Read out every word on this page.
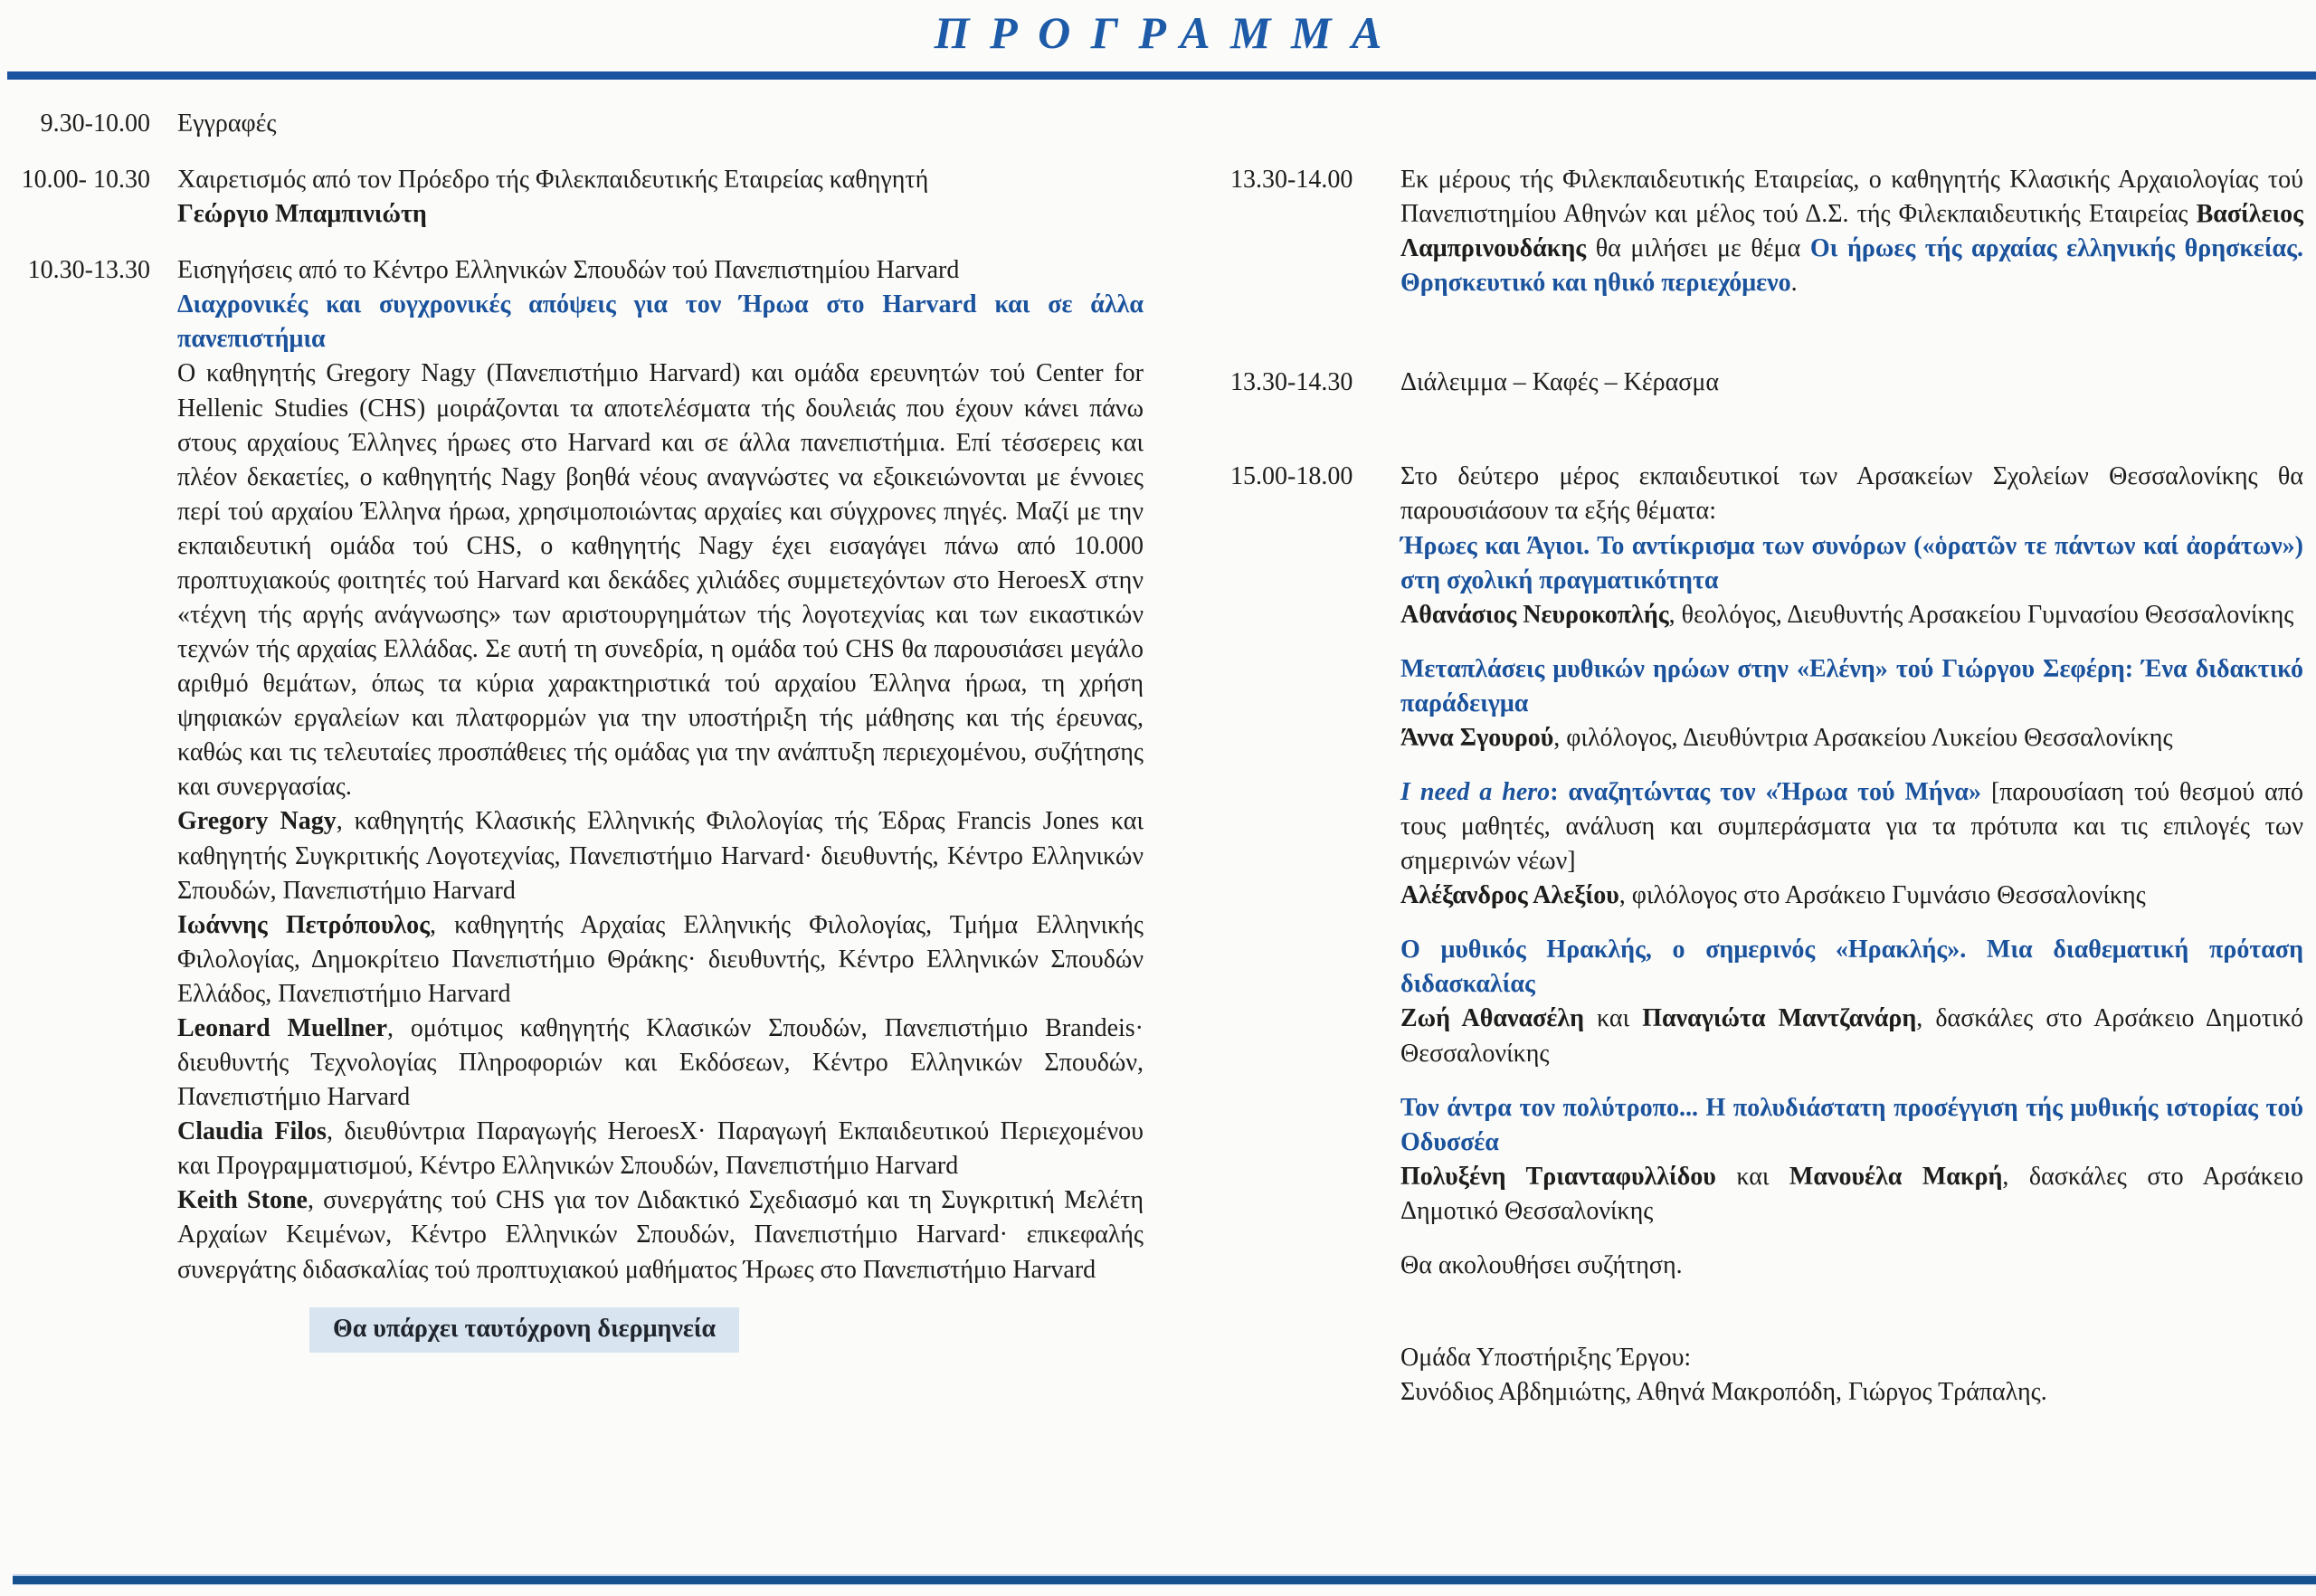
ΠΡΟΓΡΑΜΜΑ
9.30-10.00 Εγγραφές

10.00- 10.30 Χαιρετισμός από τον Πρόεδρο τής Φιλεκπαιδευτικής Εταιρείας καθηγητή
Γεώργιο Μπαμπινιώτη

10.30-13.30 Εισηγήσεις από το Κέντρο Ελληνικών Σπουδών τού Πανεπιστημίου Harvard

Διαχρονικές και συγχρονικές απόψεις για τον Ήρωα στο Harvard και σε άλλα πανεπιστήμια

Ο καθηγητής Gregory Nagy (Πανεπιστήμιο Harvard) και ομάδα ερευνητών τού Center for Hellenic Studies (CHS) μοιράζονται τα αποτελέσματα τής δουλειάς που έχουν κάνει πάνω στους αρχαίους Έλληνες ήρωες στο Harvard και σε άλλα πανεπιστήμια. Επί τέσσερεις και πλέον δεκαετίες, ο καθηγητής Nagy βοηθά νέους αναγνώστες να εξοικειώνονται με έννοιες περί τού αρχαίου Έλληνα ήρωα, χρησιμοποιώντας αρχαίες και σύγχρονες πηγές. Μαζί με την εκπαιδευτική ομάδα τού CHS, ο καθηγητής Nagy έχει εισαγάγει πάνω από 10.000 προπτυχιακούς φοιτητές τού Harvard και δεκάδες χιλιάδες συμμετεχόντων στο HeroesX στην «τέχνη τής αργής ανάγνωσης» των αριστουργημάτων τής λογοτεχνίας και των εικαστικών τεχνών τής αρχαίας Ελλάδας. Σε αυτή τη συνεδρία, η ομάδα τού CHS θα παρουσιάσει μεγάλο αριθμό θεμάτων, όπως τα κύρια χαρακτηριστικά τού αρχαίου Έλληνα ήρωα, τη χρήση ψηφιακών εργαλείων και πλατφορμών για την υποστήριξη τής μάθησης και τής έρευνας, καθώς και τις τελευταίες προσπάθειες τής ομάδας για την ανάπτυξη περιεχομένου, συζήτησης και συνεργασίας.

Gregory Nagy, καθηγητής Κλασικής Ελληνικής Φιλολογίας τής Έδρας Francis Jones και καθηγητής Συγκριτικής Λογοτεχνίας, Πανεπιστήμιο Harvard· διευθυντής, Κέντρο Ελληνικών Σπουδών, Πανεπιστήμιο Harvard

Ιωάννης Πετρόπουλος, καθηγητής Αρχαίας Ελληνικής Φιλολογίας, Τμήμα Ελληνικής Φιλολογίας, Δημοκρίτειο Πανεπιστήμιο Θράκης· διευθυντής, Κέντρο Ελληνικών Σπουδών Ελλάδος, Πανεπιστήμιο Harvard

Leonard Muellner, ομότιμος καθηγητής Κλασικών Σπουδών, Πανεπιστήμιο Brandeis· διευθυντής Τεχνολογίας Πληροφοριών και Εκδόσεων, Κέντρο Ελληνικών Σπουδών, Πανεπιστήμιο Harvard

Claudia Filos, διευθύντρια Παραγωγής HeroesX· Παραγωγή Εκπαιδευτικού Περιεχομένου και Προγραμματισμού, Κέντρο Ελληνικών Σπουδών, Πανεπιστήμιο Harvard

Keith Stone, συνεργάτης τού CHS για τον Διδακτικό Σχεδιασμό και τη Συγκριτική Μελέτη Αρχαίων Κειμένων, Κέντρο Ελληνικών Σπουδών, Πανεπιστήμιο Harvard· επικεφαλής συνεργάτης διδασκαλίας τού προπτυχιακού μαθήματος Ήρωες στο Πανεπιστήμιο Harvard

Θα υπάρχει ταυτόχρονη διερμηνεία
13.30-14.00	Εκ μέρους τής Φιλεκπαιδευτικής Εταιρείας, ο καθηγητής Κλασικής Αρχαιολογίας τού Πανεπιστημίου Αθηνών και μέλος τού Δ.Σ. τής Φιλεκπαιδευτικής Εταιρείας Βασίλειος Λαμπρινουδάκης θα μιλήσει με θέμα Οι ήρωες τής αρχαίας ελληνικής θρησκείας. Θρησκευτικό και ηθικό περιεχόμενο.

13.30-14.30	Διάλειμμα – Καφές – Κέρασμα

15.00-18.00	Στο δεύτερο μέρος εκπαιδευτικοί των Αρσακείων Σχολείων Θεσσαλονίκης θα παρουσιάσουν τα εξής θέματα:

Ήρωες και Άγιοι. Το αντίκρισμα των συνόρων («ὁρατῶν τε πάντων καί ἀοράτων») στη σχολική πραγματικότητα

Αθανάσιος Νευροκοπλής, θεολόγος, Διευθυντής Αρσακείου Γυμνασίου Θεσσαλονίκης

Μεταπλάσεις μυθικών ηρώων στην «Ελένη» τού Γιώργου Σεφέρη: Ένα διδακτικό παράδειγμα

Άννα Σγουρού, φιλόλογος, Διευθύντρια Αρσακείου Λυκείου Θεσσαλονίκης

I need a hero: αναζητώντας τον «Ήρωα τού Μήνα» [παρουσίαση τού θεσμού από τους μαθητές, ανάλυση και συμπεράσματα για τα πρότυπα και τις επιλογές των σημερινών νέων]

Αλέξανδρος Αλεξίου, φιλόλογος στο Αρσάκειο Γυμνάσιο Θεσσαλονίκης

Ο μυθικός Ηρακλής, ο σημερινός «Ηρακλής». Μια διαθεματική πρόταση διδασκαλίας

Ζωή Αθανασέλη και Παναγιώτα Μαντζανάρη, δασκάλες στο Αρσάκειο Δημοτικό Θεσσαλονίκης

Τον άντρα τον πολύτροπο... Η πολυδιάστατη προσέγγιση τής μυθικής ιστορίας τού Οδυσσέα

Πολυξένη Τριανταφυλλίδου και Μανουέλα Μακρή, δασκάλες στο Αρσάκειο Δημοτικό Θεσσαλονίκης

Θα ακολουθήσει συζήτηση.

Ομάδα Υποστήριξης Έργου:

Συνόδιος Αβδημιώτης, Αθηνά Μακροπόδη, Γιώργος Τράπαλης.
